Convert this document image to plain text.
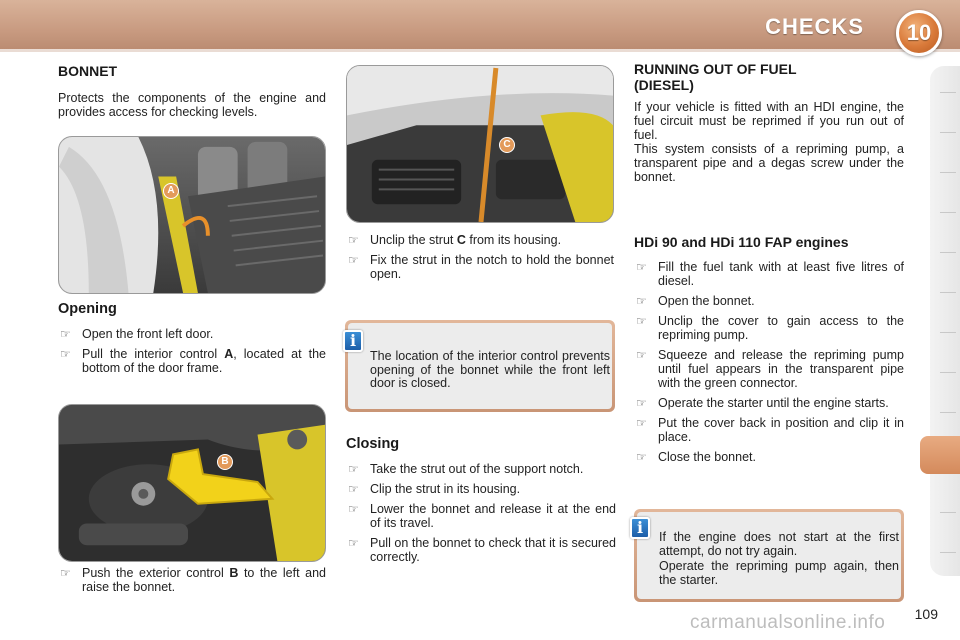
CHECKS 10
BONNET
Protects the components of the engine and provides access for checking levels.
A
Opening
☞ Open the front left door.
☞ Pull the interior control A, located at the bottom of the door frame.
B
☞ Push the exterior control B to the left and raise the bonnet.
C
☞ Unclip the strut C from its housing.
☞ Fix the strut in the notch to hold the bonnet open.
The location of the interior control prevents opening of the bonnet while the front left door is closed.
i
Closing
☞ Take the strut out of the support notch.
☞ Clip the strut in its housing.
☞ Lower the bonnet and release it at the end of its travel.
☞ Pull on the bonnet to check that it is secured correctly.
RUNNING OUT OF FUEL
(DIESEL)
If your vehicle is fitted with an HDI engine, the fuel circuit must be reprimed if you run out of fuel.
This system consists of a repriming pump, a transparent pipe and a degas screw under the bonnet.
HDi 90 and HDi 110 FAP engines
☞ Fill the fuel tank with at least five litres of diesel.
☞ Open the bonnet.
☞ Unclip the cover to gain access to the repriming pump.
☞ Squeeze and release the repriming pump until fuel appears in the transparent pipe with the green connector.
☞ Operate the starter until the engine starts.
☞ Put the cover back in position and clip it in place.
☞ Close the bonnet.
If the engine does not start at the first attempt, do not try again.
Operate the repriming pump again, then the starter.
i
109
carmanualsonline.info
